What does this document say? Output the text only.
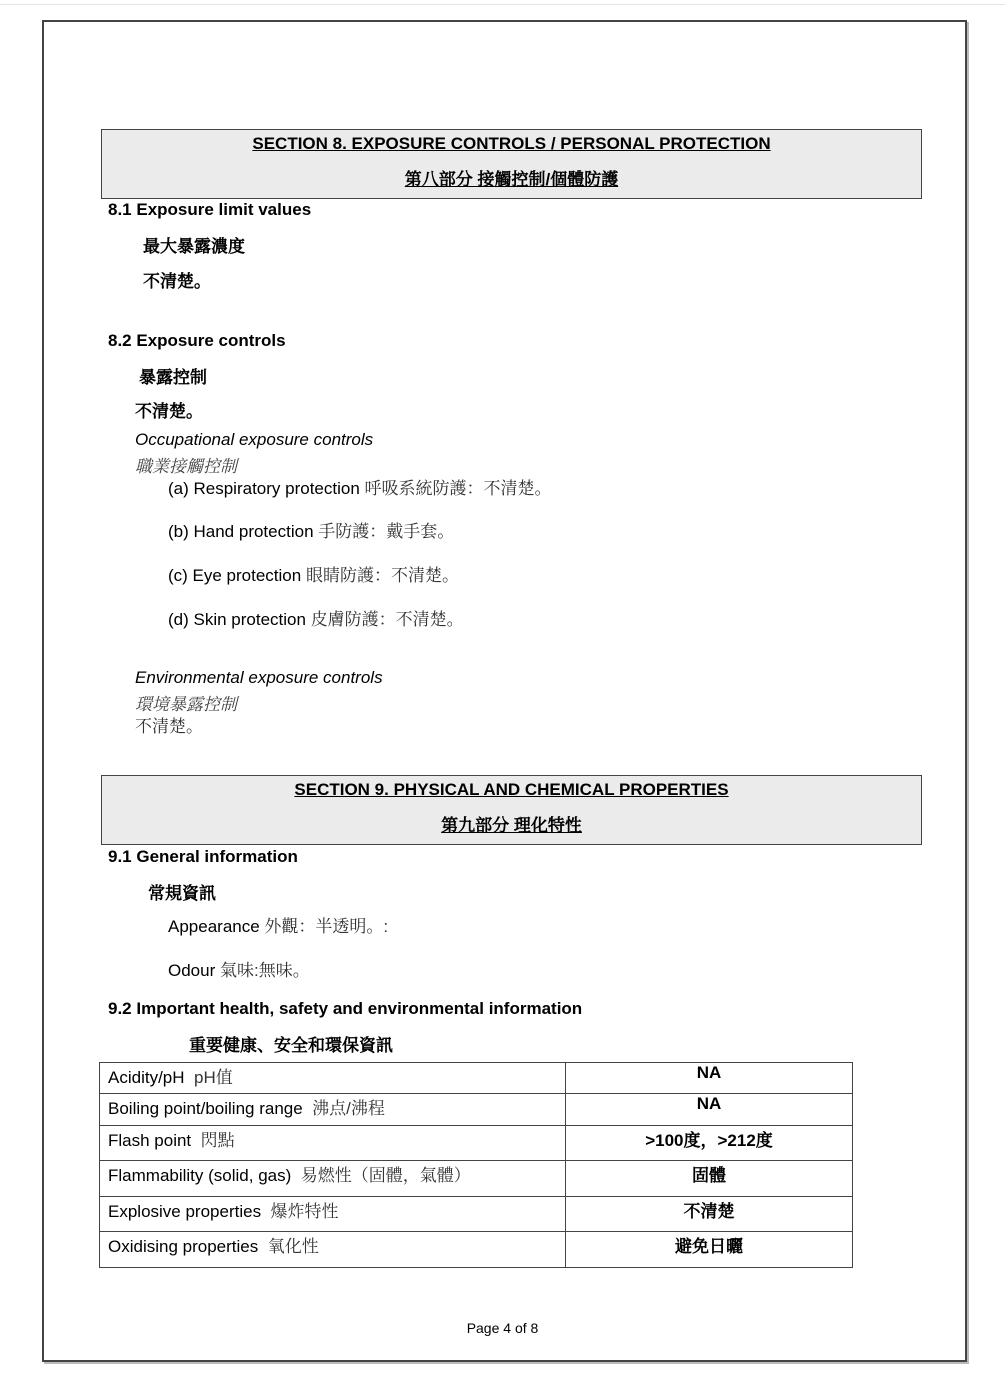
SECTION 8. EXPOSURE CONTROLS / PERSONAL PROTECTION
第八部分 接觸控制/個體防護
8.1 Exposure limit values
最大暴露濃度
不清楚。
8.2 Exposure controls
暴露控制
不清楚。
Occupational exposure controls
職業接觸控制
(a) Respiratory protection 呼吸系統防護：不清楚。
(b) Hand protection 手防護：戴手套。
(c) Eye protection 眼睛防護：不清楚。
(d) Skin protection 皮膚防護：不清楚。
Environmental exposure controls
環境暴露控制
不清楚。
SECTION 9. PHYSICAL AND CHEMICAL PROPERTIES
第九部分 理化特性
9.1 General information
常規資訊
Appearance 外觀：半透明。:
Odour 氣味:無味。
9.2 Important health, safety and environmental information
重要健康、安全和環保資訊
Acidity/pH pH值	NA
Boiling point/boiling range 沸点/沸程	NA
Flash point 閃點	>100度，>212度
Flammability (solid, gas) 易燃性（固體，氣體）	固體
Explosive properties 爆炸特性	不清楚
Oxidising properties 氧化性	避免日曬
Page 4 of 8
